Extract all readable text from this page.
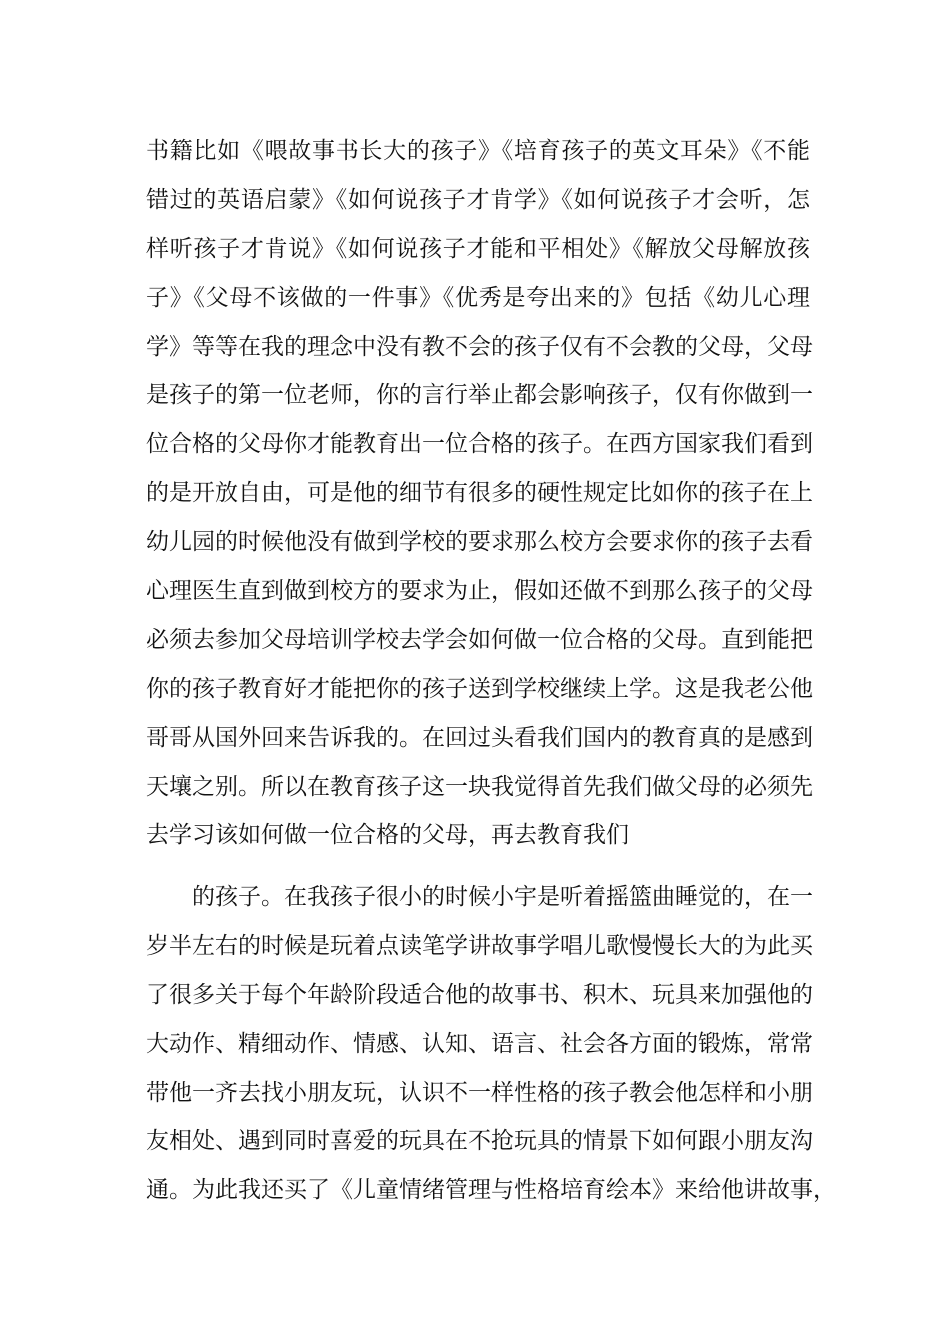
书籍比如《喂故事书长大的孩子》《培育孩子的英文耳朵》《不能
错过的英语启蒙》《如何说孩子才肯学》《如何说孩子才会听，怎
样听孩子才肯说》《如何说孩子才能和平相处》《解放父母解放孩
子》《父母不该做的一件事》《优秀是夸出来的》包括《幼儿心理
学》等等在我的理念中没有教不会的孩子仅有不会教的父母，父母
是孩子的第一位老师，你的言行举止都会影响孩子，仅有你做到一
位合格的父母你才能教育出一位合格的孩子。在西方国家我们看到
的是开放自由，可是他的细节有很多的硬性规定比如你的孩子在上
幼儿园的时候他没有做到学校的要求那么校方会要求你的孩子去看
心理医生直到做到校方的要求为止，假如还做不到那么孩子的父母
必须去参加父母培训学校去学会如何做一位合格的父母。直到能把
你的孩子教育好才能把你的孩子送到学校继续上学。这是我老公他
哥哥从国外回来告诉我的。在回过头看我们国内的教育真的是感到
天壤之别。所以在教育孩子这一块我觉得首先我们做父母的必须先
去学习该如何做一位合格的父母，再去教育我们
的孩子。在我孩子很小的时候小宇是听着摇篮曲睡觉的，在一
岁半左右的时候是玩着点读笔学讲故事学唱儿歌慢慢长大的为此买
了很多关于每个年龄阶段适合他的故事书、积木、玩具来加强他的
大动作、精细动作、情感、认知、语言、社会各方面的锻炼，常常
带他一齐去找小朋友玩，认识不一样性格的孩子教会他怎样和小朋
友相处、遇到同时喜爱的玩具在不抢玩具的情景下如何跟小朋友沟
通。为此我还买了《儿童情绪管理与性格培育绘本》来给他讲故事，
